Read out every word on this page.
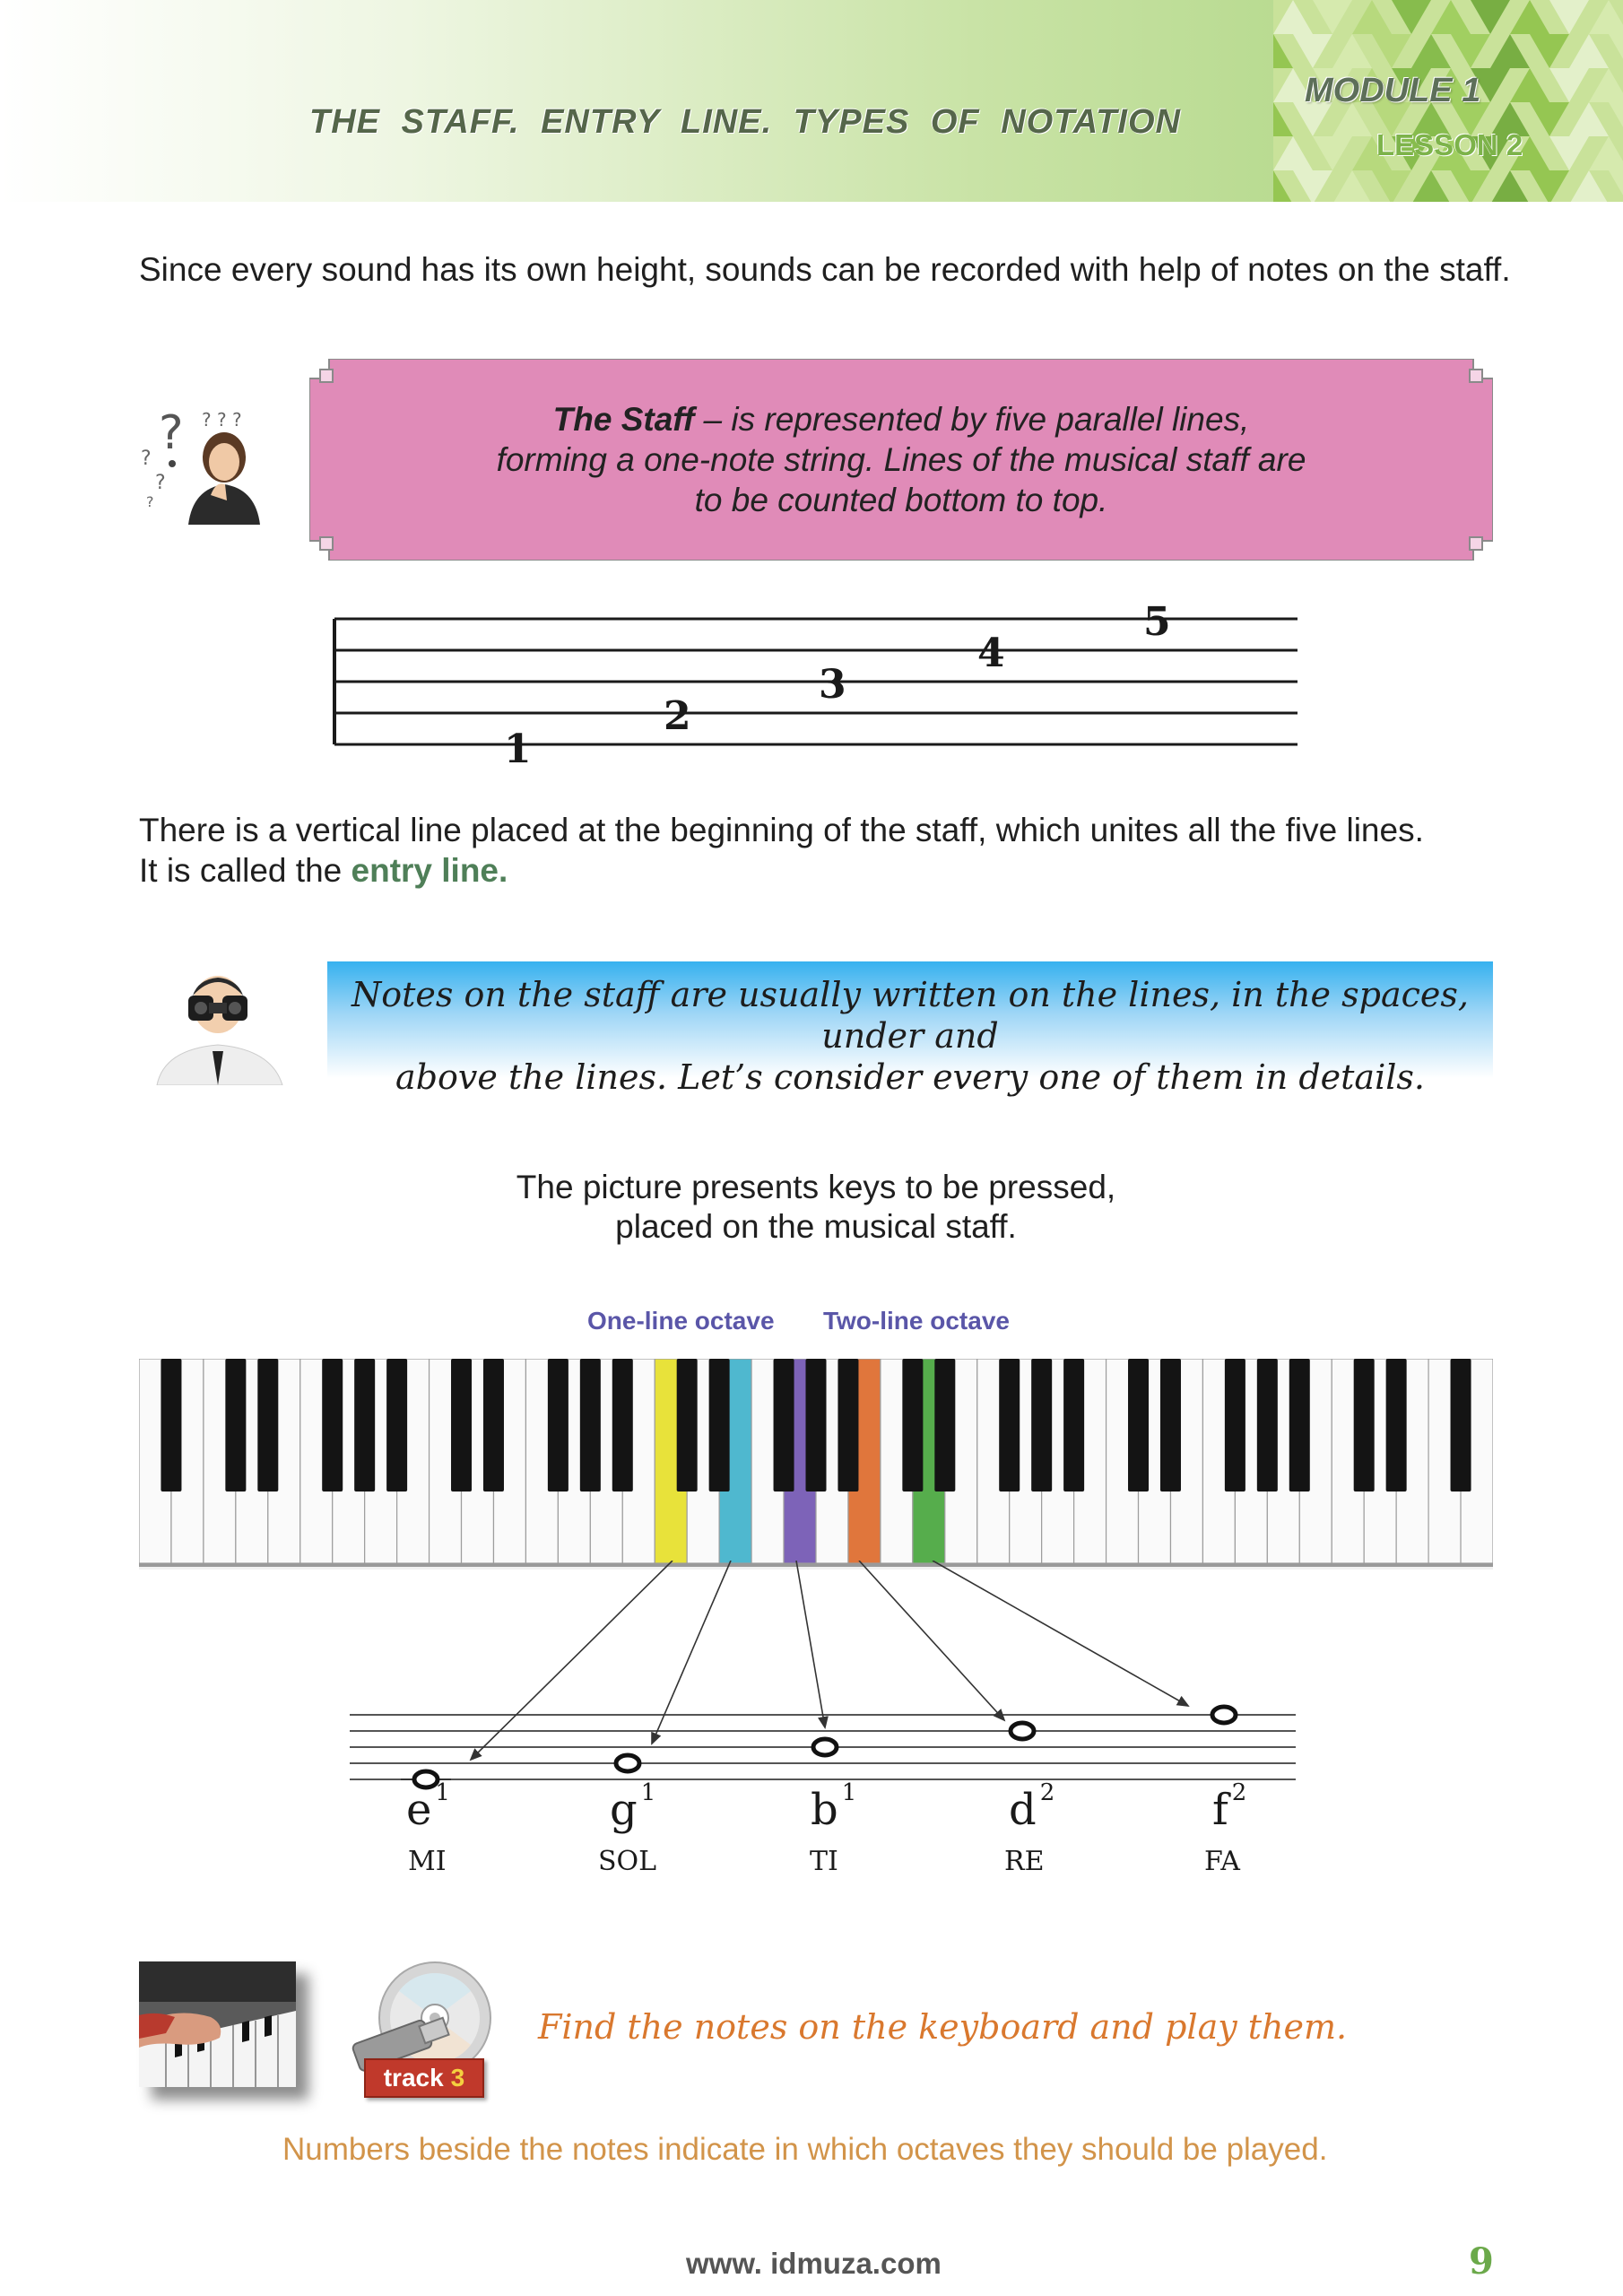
THE STAFF. ENTRY LINE. TYPES OF NOTATION
MODULE 1
LESSON 2
Since every sound has its own height, sounds can be recorded with help of notes on the staff.
? ? ? ?
?
?
?
The Staff – is represented by five parallel lines,
forming a one-note string. Lines of the musical staff are
to be counted bottom to top.
1
2
3
4
5
There is a vertical line placed at the beginning of the staff, which unites all the five lines.
It is called the entry line.
Notes on the staff are usually written on the lines, in the spaces, under and
above the lines. Let’s consider every one of them in details.
The picture presents keys to be pressed,
placed on the musical staff.
One-line octave Two-line octave
e $^1$	g $^1$	b $^1$	d $^2$	f $^2$
MI	SOL	TI	RE	FA
track 3
Find the notes on the keyboard and play them.
Numbers beside the notes indicate in which octaves they should be played.
www. idmuza.com	9
